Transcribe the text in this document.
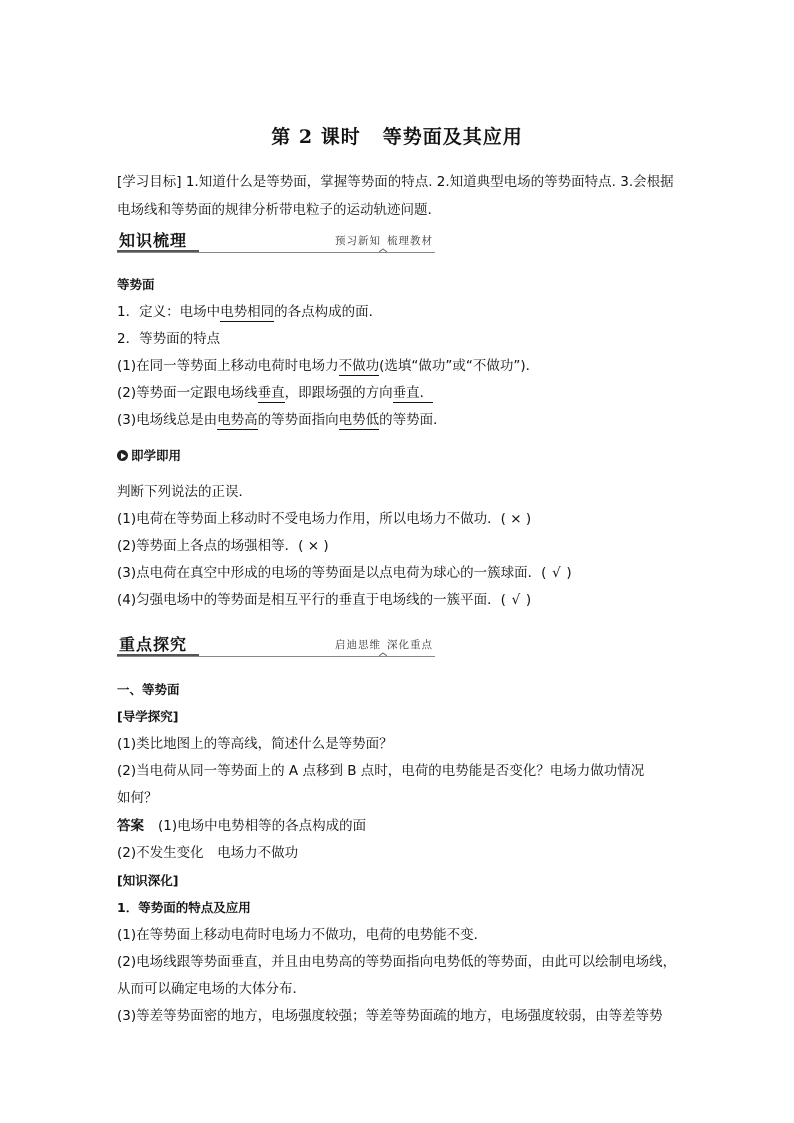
第 2 课时 等势面及其应用
[学习目标] 1.知道什么是等势面，掌握等势面的特点. 2.知道典型电场的等势面特点. 3.会根据
电场线和等势面的规律分析带电粒子的运动轨迹问题.
知识梳理	预习新知 梳理教材
等势面
1．定义：电场中电势相同的各点构成的面．
2．等势面的特点
(1)在同一等势面上移动电荷时电场力不做功(选填“做功”或“不做功”)．
(2)等势面一定跟电场线垂直，即跟场强的方向垂直．
(3)电场线总是由电势高的等势面指向电势低的等势面．
即学即用
判断下列说法的正误．
(1)电荷在等势面上移动时不受电场力作用，所以电场力不做功．( × )
(2)等势面上各点的场强相等．( × )
(3)点电荷在真空中形成的电场的等势面是以点电荷为球心的一簇球面．( √ )
(4)匀强电场中的等势面是相互平行的垂直于电场线的一簇平面．( √ )
重点探究	启迪思维 深化重点
一、等势面
[导学探究]
(1)类比地图上的等高线，简述什么是等势面？
(2)当电荷从同一等势面上的 A 点移到 B 点时，电荷的电势能是否变化？电场力做功情况
如何？
答案 (1)电场中电势相等的各点构成的面
(2)不发生变化　电场力不做功
[知识深化]
1．等势面的特点及应用
(1)在等势面上移动电荷时电场力不做功，电荷的电势能不变．
(2)电场线跟等势面垂直，并且由电势高的等势面指向电势低的等势面，由此可以绘制电场线，
从而可以确定电场的大体分布．
(3)等差等势面密的地方，电场强度较强；等差等势面疏的地方，电场强度较弱，由等差等势
